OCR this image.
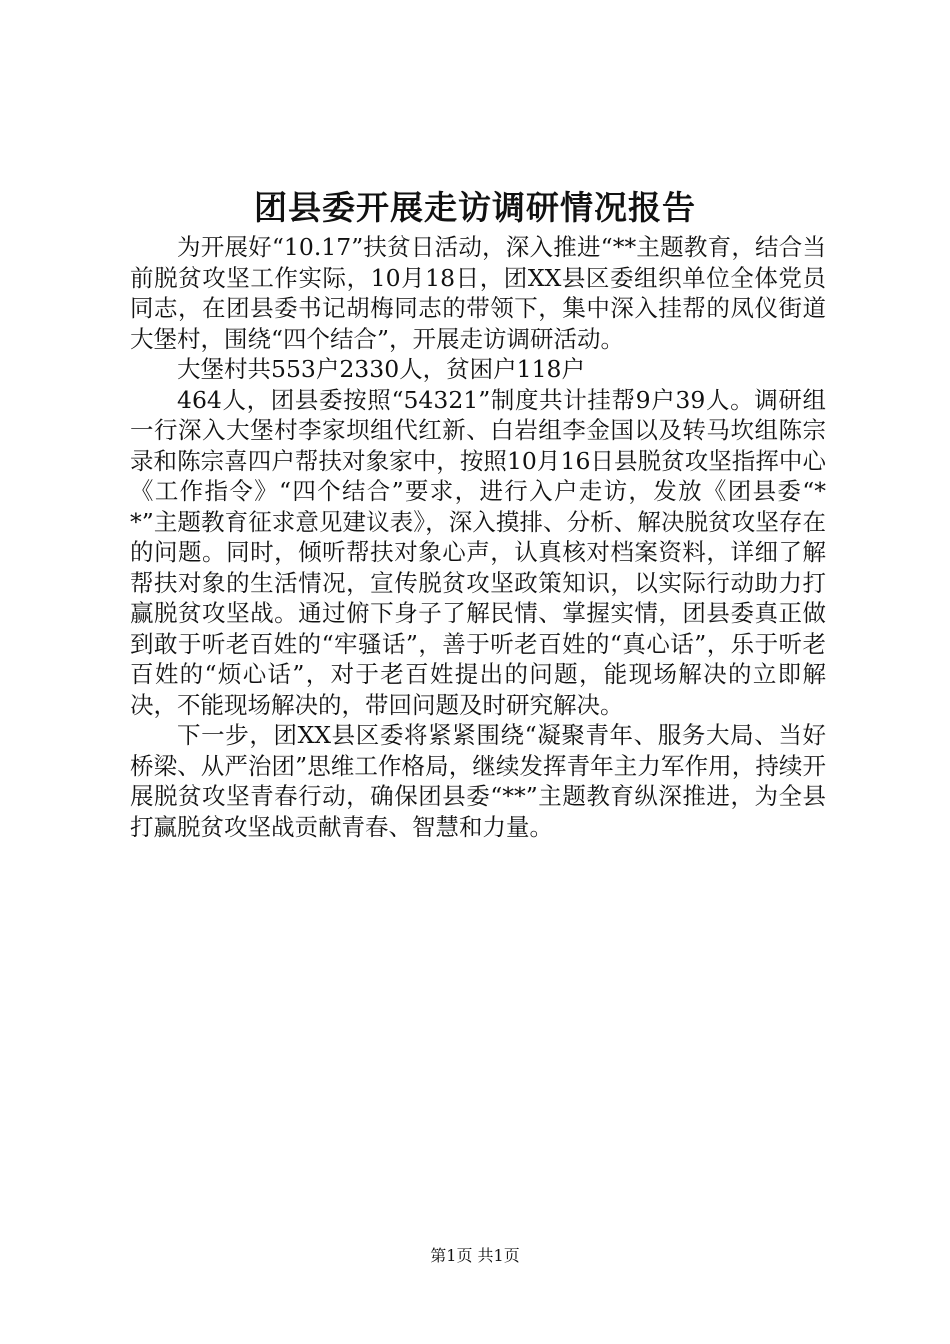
团县委开展走访调研情况报告

为开展好“10.17”扶贫日活动，深入推进“**主题教育，结合当前脱贫攻坚工作实际，10月18日，团XX县区委组织单位全体党员同志，在团县委书记胡梅同志的带领下，集中深入挂帮的凤仪街道大堡村，围绕“四个结合”，开展走访调研活动。

大堡村共553户2330人，贫困户118户

464人，团县委按照“54321”制度共计挂帮9户39人。调研组一行深入大堡村李家坝组代红新、白岩组李金国以及转马坎组陈宗录和陈宗喜四户帮扶对象家中，按照10月16日县脱贫攻坚指挥中心《工作指令》“四个结合”要求，进行入户走访，发放《团县委“**”主题教育征求意见建议表》，深入摸排、分析、解决脱贫攻坚存在的问题。同时，倾听帮扶对象心声，认真核对档案资料，详细了解帮扶对象的生活情况，宣传脱贫攻坚政策知识，以实际行动助力打赢脱贫攻坚战。通过俯下身子了解民情、掌握实情，团县委真正做到敢于听老百姓的“牢骚话”，善于听老百姓的“真心话”，乐于听老百姓的“烦心话”，对于老百姓提出的问题，能现场解决的立即解决，不能现场解决的，带回问题及时研究解决。

下一步，团XX县区委将紧紧围绕“凝聚青年、服务大局、当好桥梁、从严治团”思维工作格局，继续发挥青年主力军作用，持续开展脱贫攻坚青春行动，确保团县委“**”主题教育纵深推进，为全县打赢脱贫攻坚战贡献青春、智慧和力量。

第1页 共1页
